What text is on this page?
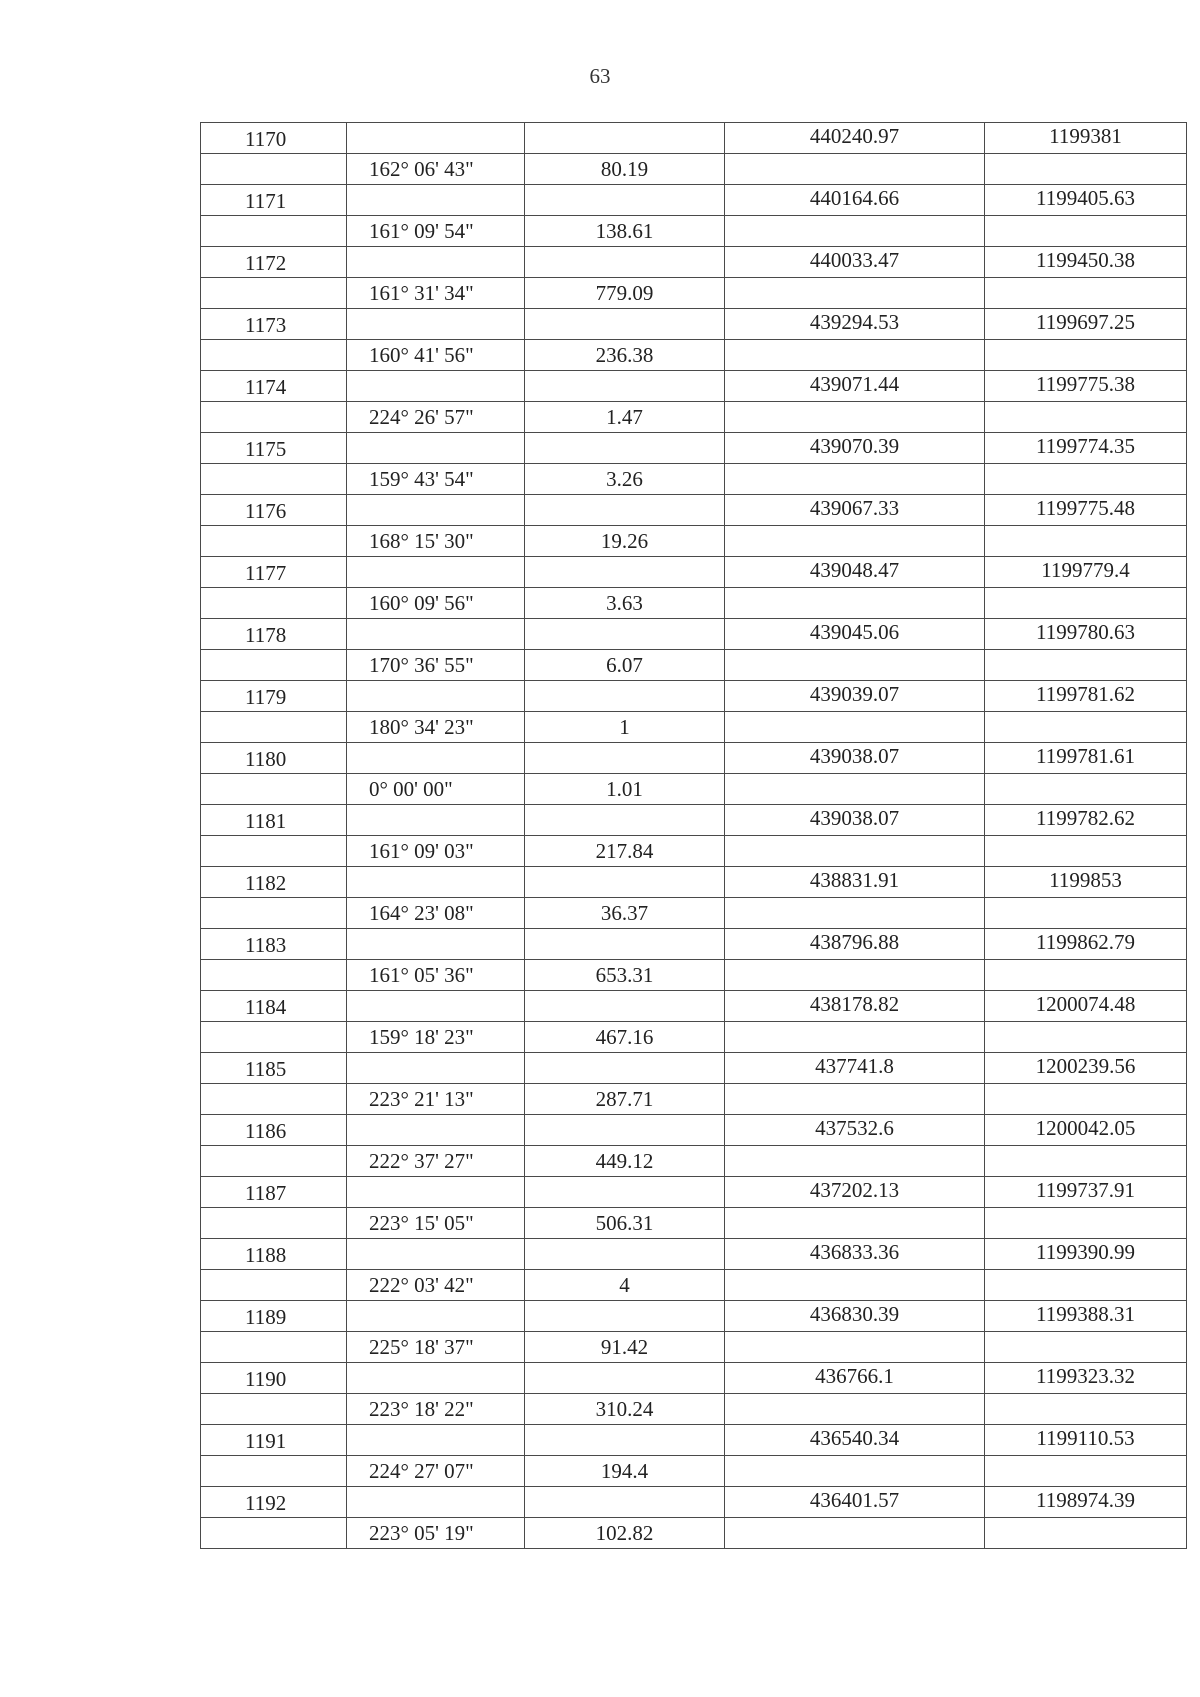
63
1170			440240.97	1199381
	162° 06' 43"	80.19		
1171			440164.66	1199405.63
	161° 09' 54"	138.61		
1172			440033.47	1199450.38
	161° 31' 34"	779.09		
1173			439294.53	1199697.25
	160° 41' 56"	236.38		
1174			439071.44	1199775.38
	224° 26' 57"	1.47		
1175			439070.39	1199774.35
	159° 43' 54"	3.26		
1176			439067.33	1199775.48
	168° 15' 30"	19.26		
1177			439048.47	1199779.4
	160° 09' 56"	3.63		
1178			439045.06	1199780.63
	170° 36' 55"	6.07		
1179			439039.07	1199781.62
	180° 34' 23"	1		
1180			439038.07	1199781.61
	0° 00' 00"	1.01		
1181			439038.07	1199782.62
	161° 09' 03"	217.84		
1182			438831.91	1199853
	164° 23' 08"	36.37		
1183			438796.88	1199862.79
	161° 05' 36"	653.31		
1184			438178.82	1200074.48
	159° 18' 23"	467.16		
1185			437741.8	1200239.56
	223° 21' 13"	287.71		
1186			437532.6	1200042.05
	222° 37' 27"	449.12		
1187			437202.13	1199737.91
	223° 15' 05"	506.31		
1188			436833.36	1199390.99
	222° 03' 42"	4		
1189			436830.39	1199388.31
	225° 18' 37"	91.42		
1190			436766.1	1199323.32
	223° 18' 22"	310.24		
1191			436540.34	1199110.53
	224° 27' 07"	194.4		
1192			436401.57	1198974.39
	223° 05' 19"	102.82		
